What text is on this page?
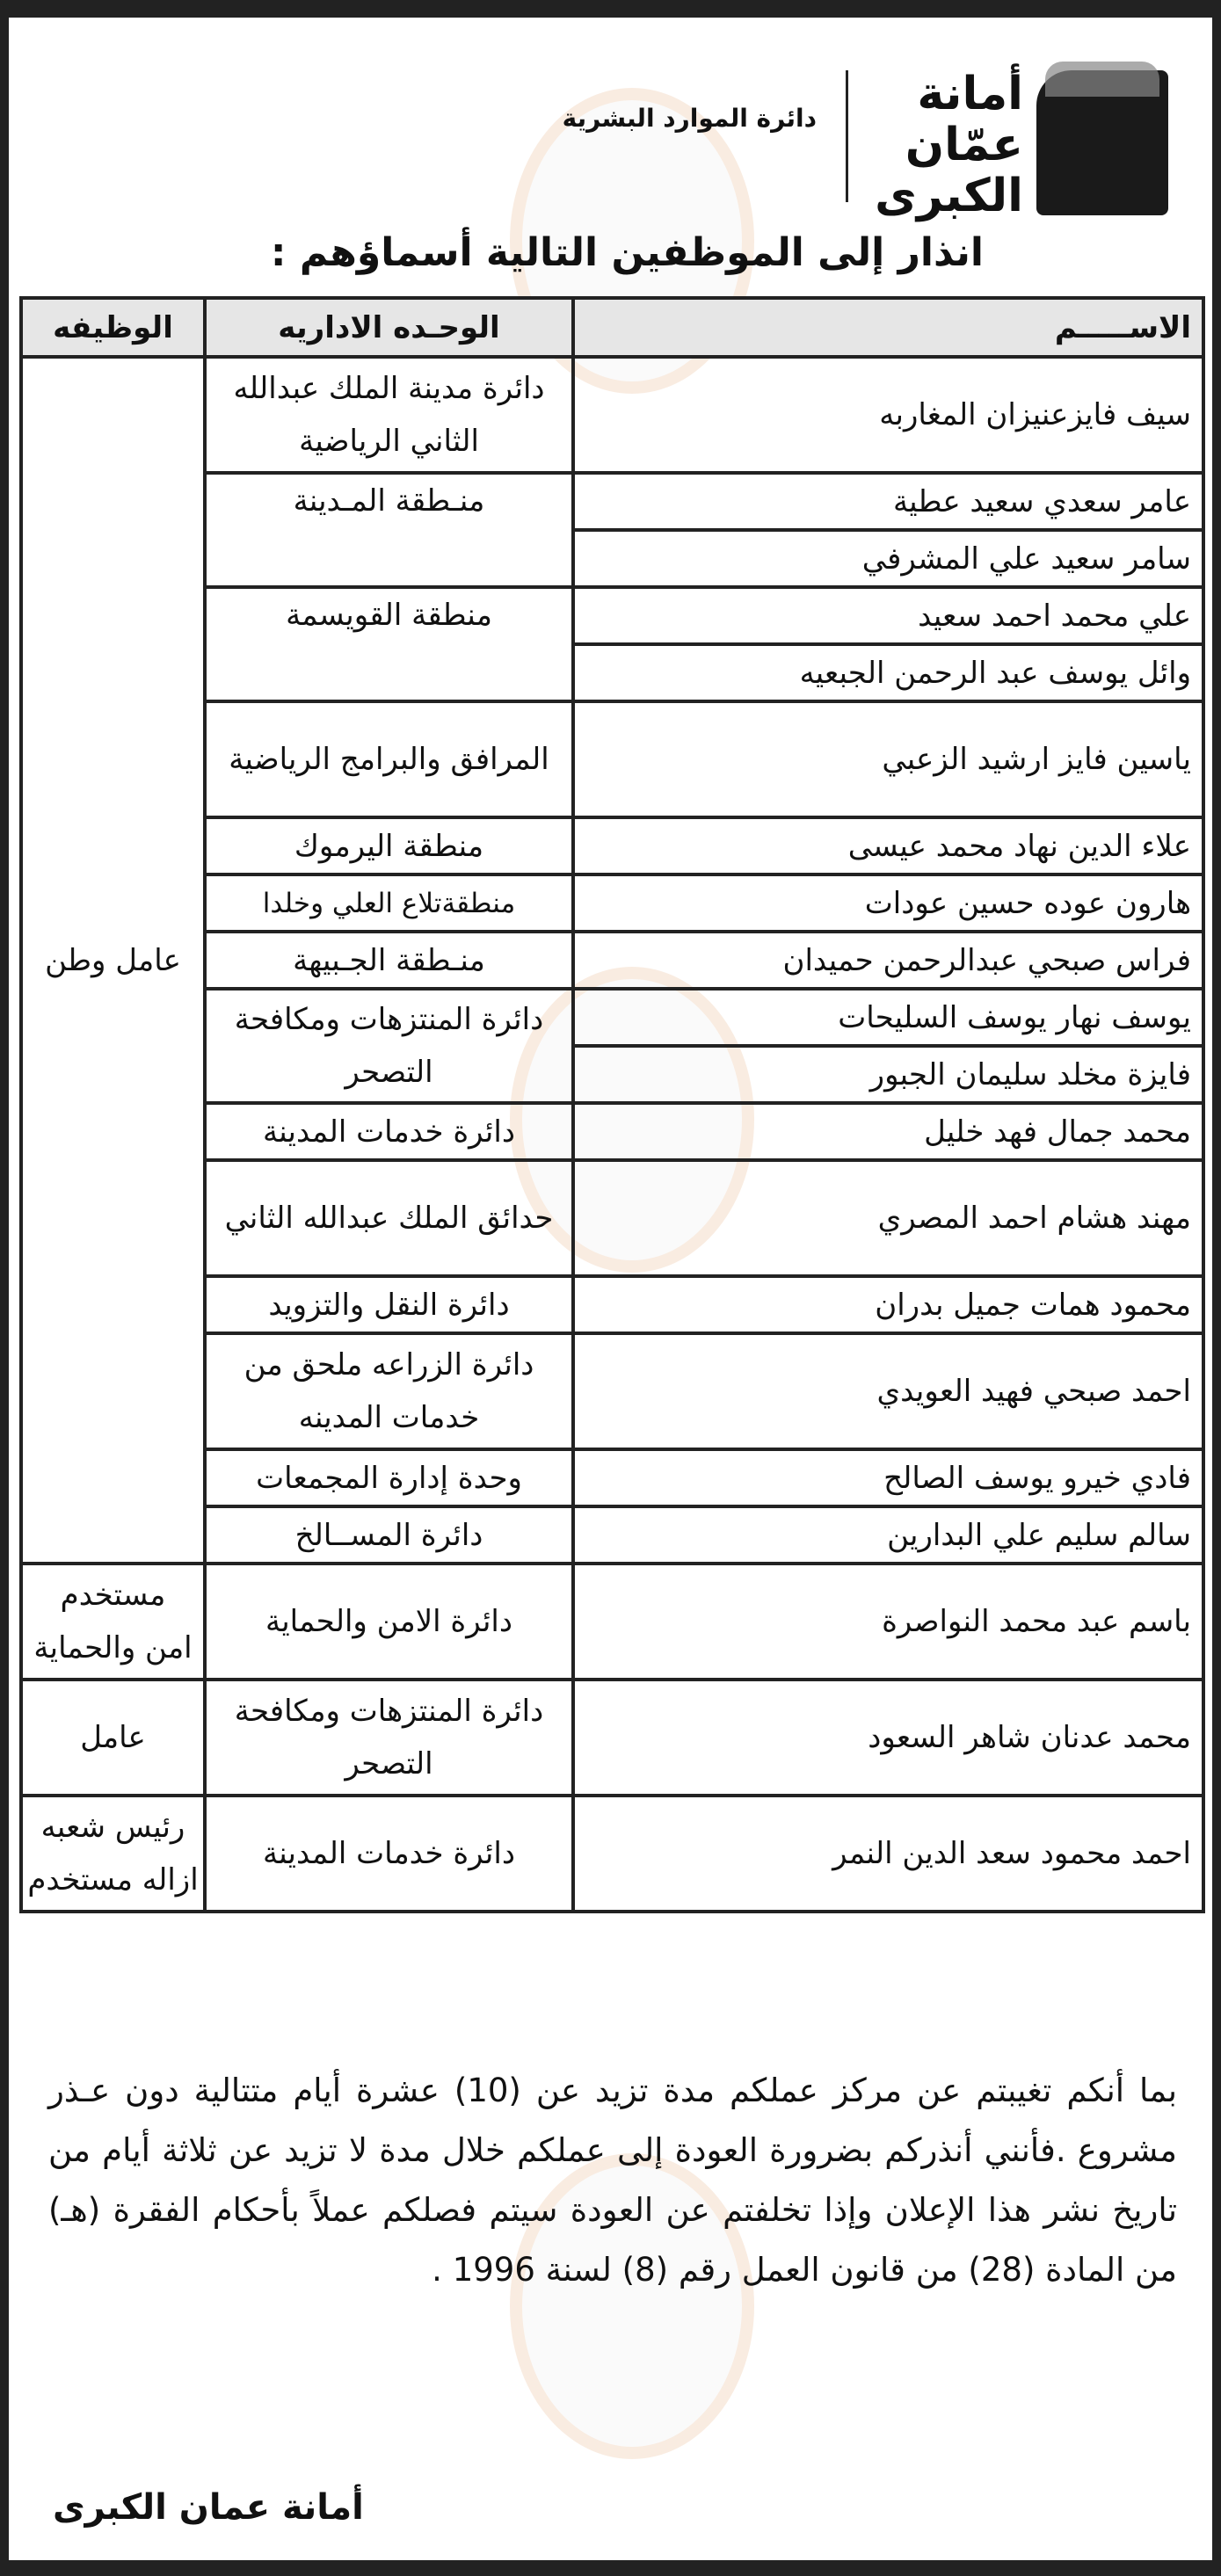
أمانة
عمّان
الكبرى
دائرة الموارد البشرية
انذار إلى الموظفين التالية أسماؤهم :
الاســـــم	الوحـده الاداريه	الوظيفه
سيف فايزعنيزان المغاربه	دائرة مدينة الملك عبدالله الثاني الرياضية	عامل وطن
عامر سعدي سعيد عطية	منـطقة المـدينة	
سامر سعيد علي المشرفي		
علي محمد احمد سعيد	منطقة القويسمة	
وائل يوسف عبد الرحمن الجبعيه		
ياسين فايز ارشيد الزعبي	المرافق والبرامج الرياضية	
علاء الدين نهاد محمد عيسى	منطقة اليرموك	
هارون عوده حسين عودات	منطقةتلاع العلي وخلدا	
فراس صبحي عبدالرحمن حميدان	منـطقة الجـبيهة	
يوسف نهار يوسف السليحات	دائرة المنتزهات ومكافحة التصحر	
فايزة مخلد سليمان الجبور		
محمد جمال فهد خليل	دائرة خدمات المدينة	
مهند هشام احمد المصري	حدائق الملك عبدالله الثاني	
محمود همات جميل بدران	دائرة النقل والتزويد	
احمد صبحي فهيد العويدي	دائرة الزراعه ملحق من خدمات المدينه	
فادي خيرو يوسف الصالح	وحدة إدارة المجمعات	
سالم سليم علي البدارين	دائرة المســالخ	
باسم عبد محمد النواصرة	دائرة الامن والحماية	مستخدم امن والحماية
محمد عدنان شاهر السعود	دائرة المنتزهات ومكافحة التصحر	عامل
احمد محمود سعد الدين النمر	دائرة خدمات المدينة	رئيس شعبه ازاله مستخدم
بما أنكم تغيبتم عن مركز عملكم مدة تزيد عن (10) عشرة أيام متتالية دون عـذر مشروع .فأنني أنذركم بضرورة العودة إلى عملكم خلال مدة لا تزيد عن ثلاثة أيام من تاريخ نشر هذا الإعلان وإذا تخلفتم عن العودة سيتم فصلكم عملاً بأحكام الفقرة (هـ) من المادة (28) من قانون العمل رقم (8) لسنة 1996 .
أمانة عمان الكبرى
